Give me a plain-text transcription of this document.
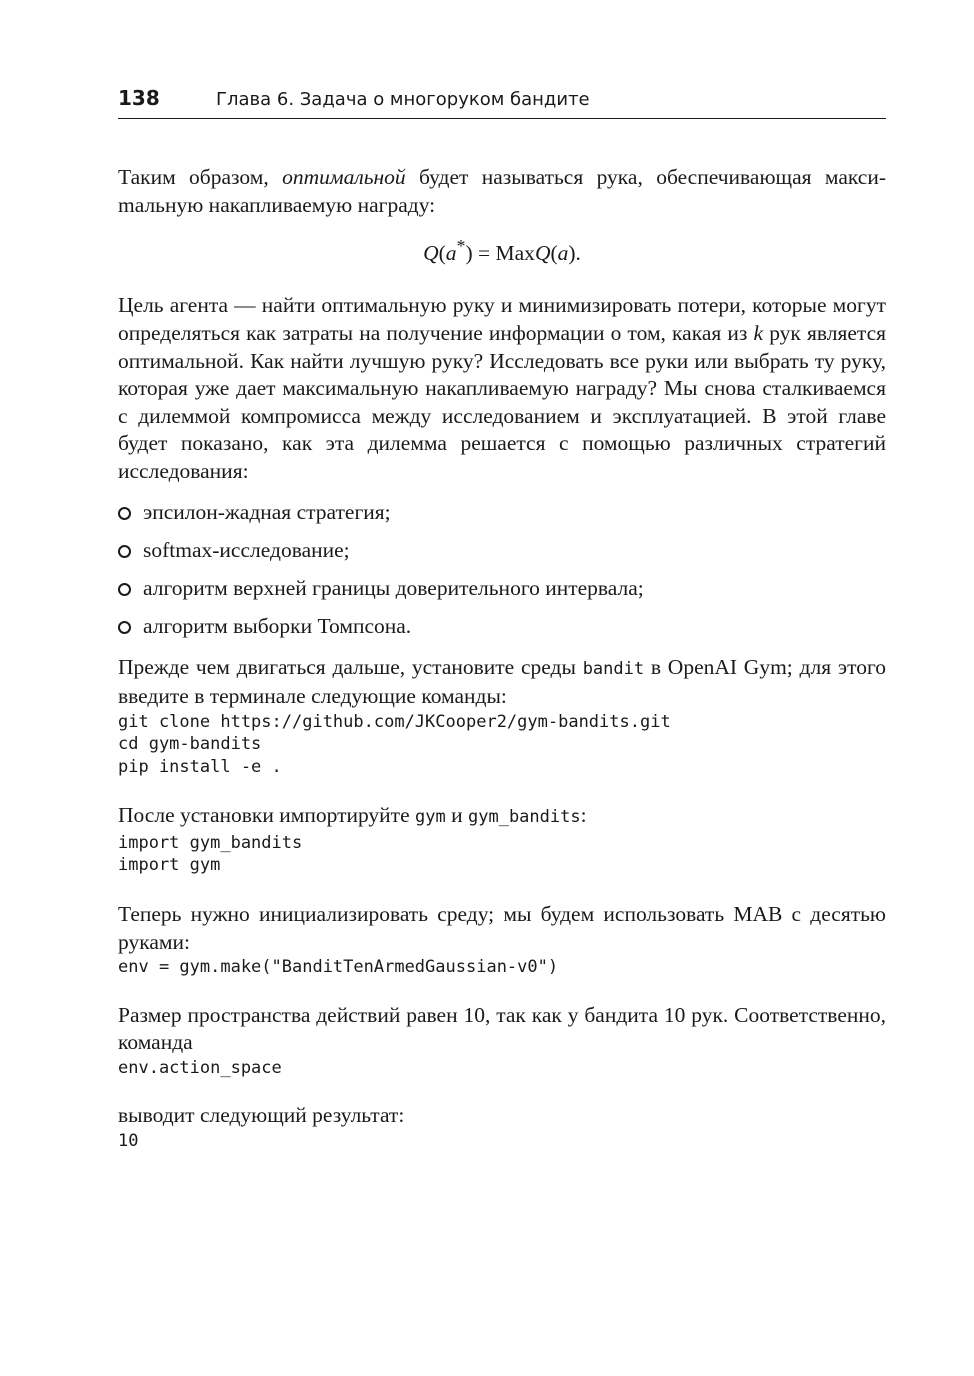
138	Глава 6. Задача о многоруком бандите

Таким образом, оптимальной будет называться рука, обеспечивающая максиmальную накапливаемую награду:

Q(a*) = MaxQ(a).

Цель агента — найти оптимальную руку и минимизировать потери, которые могут определяться как затраты на получение информации о том, какая из k рук является оптимальной. Как найти лучшую руку? Исследовать все руки или выбрать ту руку, которая уже дает максимальную накапливаемую награду? Мы снова сталкиваемся с дилеммой компромисса между исследованием и эксплуатацией. В этой главе будет показано, как эта дилемма решается с помощью различных стратегий исследования:

эпсилон-жадная стратегия;
softmax-исследование;
алгоритм верхней границы доверительного интервала;
алгоритм выборки Томпсона.

Прежде чем двигаться дальше, установите среды bandit в OpenAI Gym; для этого введите в терминале следующие команды:

git clone https://github.com/JKCooper2/gym-bandits.git
cd gym-bandits
pip install -e .

После установки импортируйте gym и gym_bandits:

import gym_bandits
import gym

Теперь нужно инициализировать среду; мы будем использовать MAB с десятью руками:

env = gym.make("BanditTenArmedGaussian-v0")

Размер пространства действий равен 10, так как у бандита 10 рук. Соответственно, команда

env.action_space

выводит следующий результат:

10
